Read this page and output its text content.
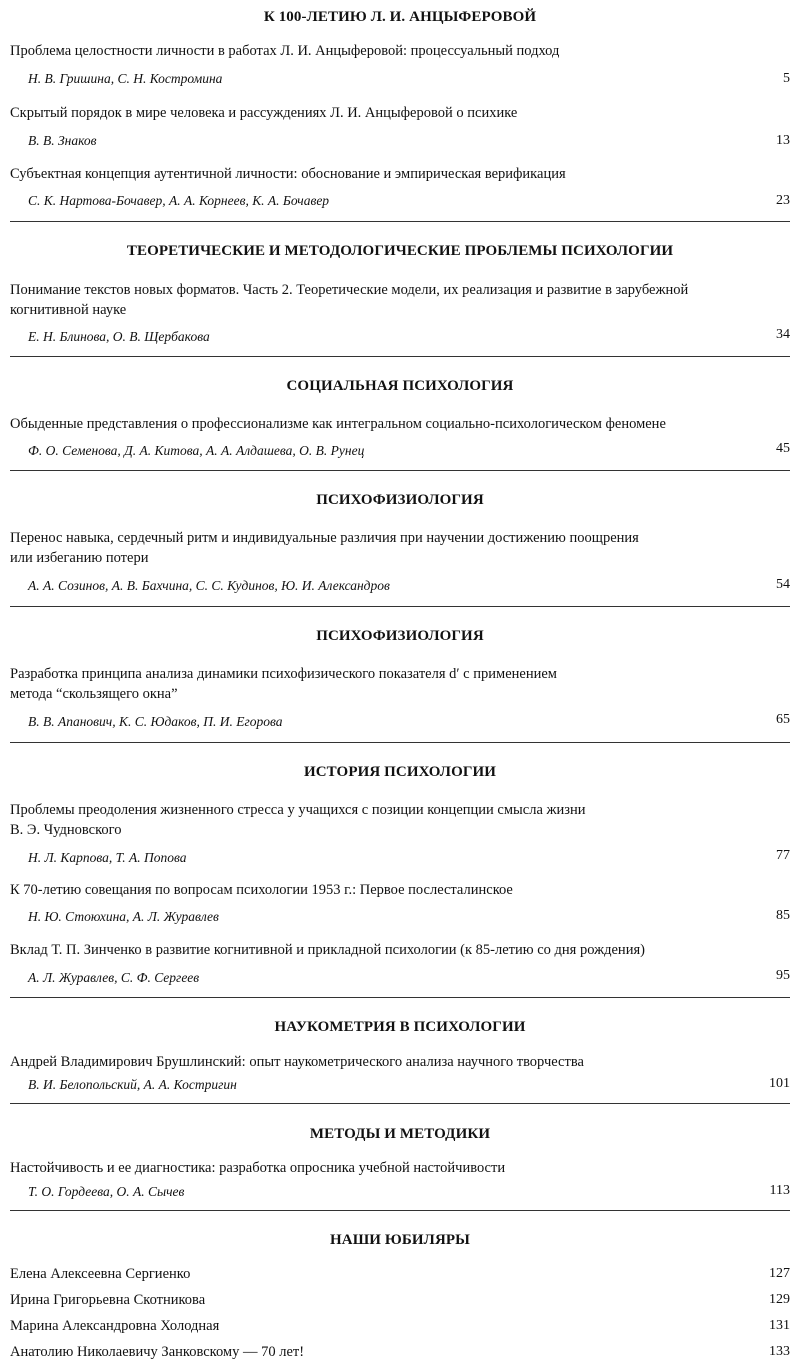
К 100-ЛЕТИЮ Л. И. АНЦЫФЕРОВОЙ
Проблема целостности личности в работах Л. И. Анцыферовой: процессуальный подход
Н. В. Гришина, С. Н. Костромина	5
Скрытый порядок в мире человека и рассуждениях Л. И. Анцыферовой о психике
В. В. Знаков	13
Субъектная концепция аутентичной личности: обоснование и эмпирическая верификация
С. К. Нартова-Бочавер, А. А. Корнеев, К. А. Бочавер	23
ТЕОРЕТИЧЕСКИЕ И МЕТОДОЛОГИЧЕСКИЕ ПРОБЛЕМЫ ПСИХОЛОГИИ
Понимание текстов новых форматов. Часть 2. Теоретические модели, их реализация и развитие в зарубежной
когнитивной науке
Е. Н. Блинова, О. В. Щербакова	34
СОЦИАЛЬНАЯ ПСИХОЛОГИЯ
Обыденные представления о профессионализме как интегральном социально-психологическом феномене
Ф. О. Семенова, Д. А. Китова, А. А. Алдашева, О. В. Рунец	45
ПСИХОФИЗИОЛОГИЯ
Перенос навыка, сердечный ритм и индивидуальные различия при научении достижению поощрения
или избеганию потери
А. А. Созинов, А. В. Бахчина, С. С. Кудинов, Ю. И. Александров	54
ПСИХОФИЗИОЛОГИЯ
Разработка принципа анализа динамики психофизического показателя d′ с применением
метода “скользящего окна”
В. В. Апанович, К. С. Юдаков, П. И. Егорова	65
ИСТОРИЯ ПСИХОЛОГИИ
Проблемы преодоления жизненного стресса у учащихся с позиции концепции смысла жизни
В. Э. Чудновского
Н. Л. Карпова, Т. А. Попова	77
К 70-летию совещания по вопросам психологии 1953 г.: Первое послесталинское
Н. Ю. Стоюхина, А. Л. Журавлев	85
Вклад Т. П. Зинченко в развитие когнитивной и прикладной психологии (к 85-летию со дня рождения)
А. Л. Журавлев, С. Ф. Сергеев	95
НАУКОМЕТРИЯ В ПСИХОЛОГИИ
Андрей Владимирович Брушлинский: опыт наукометрического анализа научного творчества
В. И. Белопольский, А. А. Костригин	101
МЕТОДЫ И МЕТОДИКИ
Настойчивость и ее диагностика: разработка опросника учебной настойчивости
Т. О. Гордеева, О. А. Сычев	113
НАШИ ЮБИЛЯРЫ
Елена Алексеевна Сергиенко	127
Ирина Григорьевна Скотникова	129
Марина Александровна Холодная	131
Анатолию Николаевичу Занковскому — 70 лет!	133
